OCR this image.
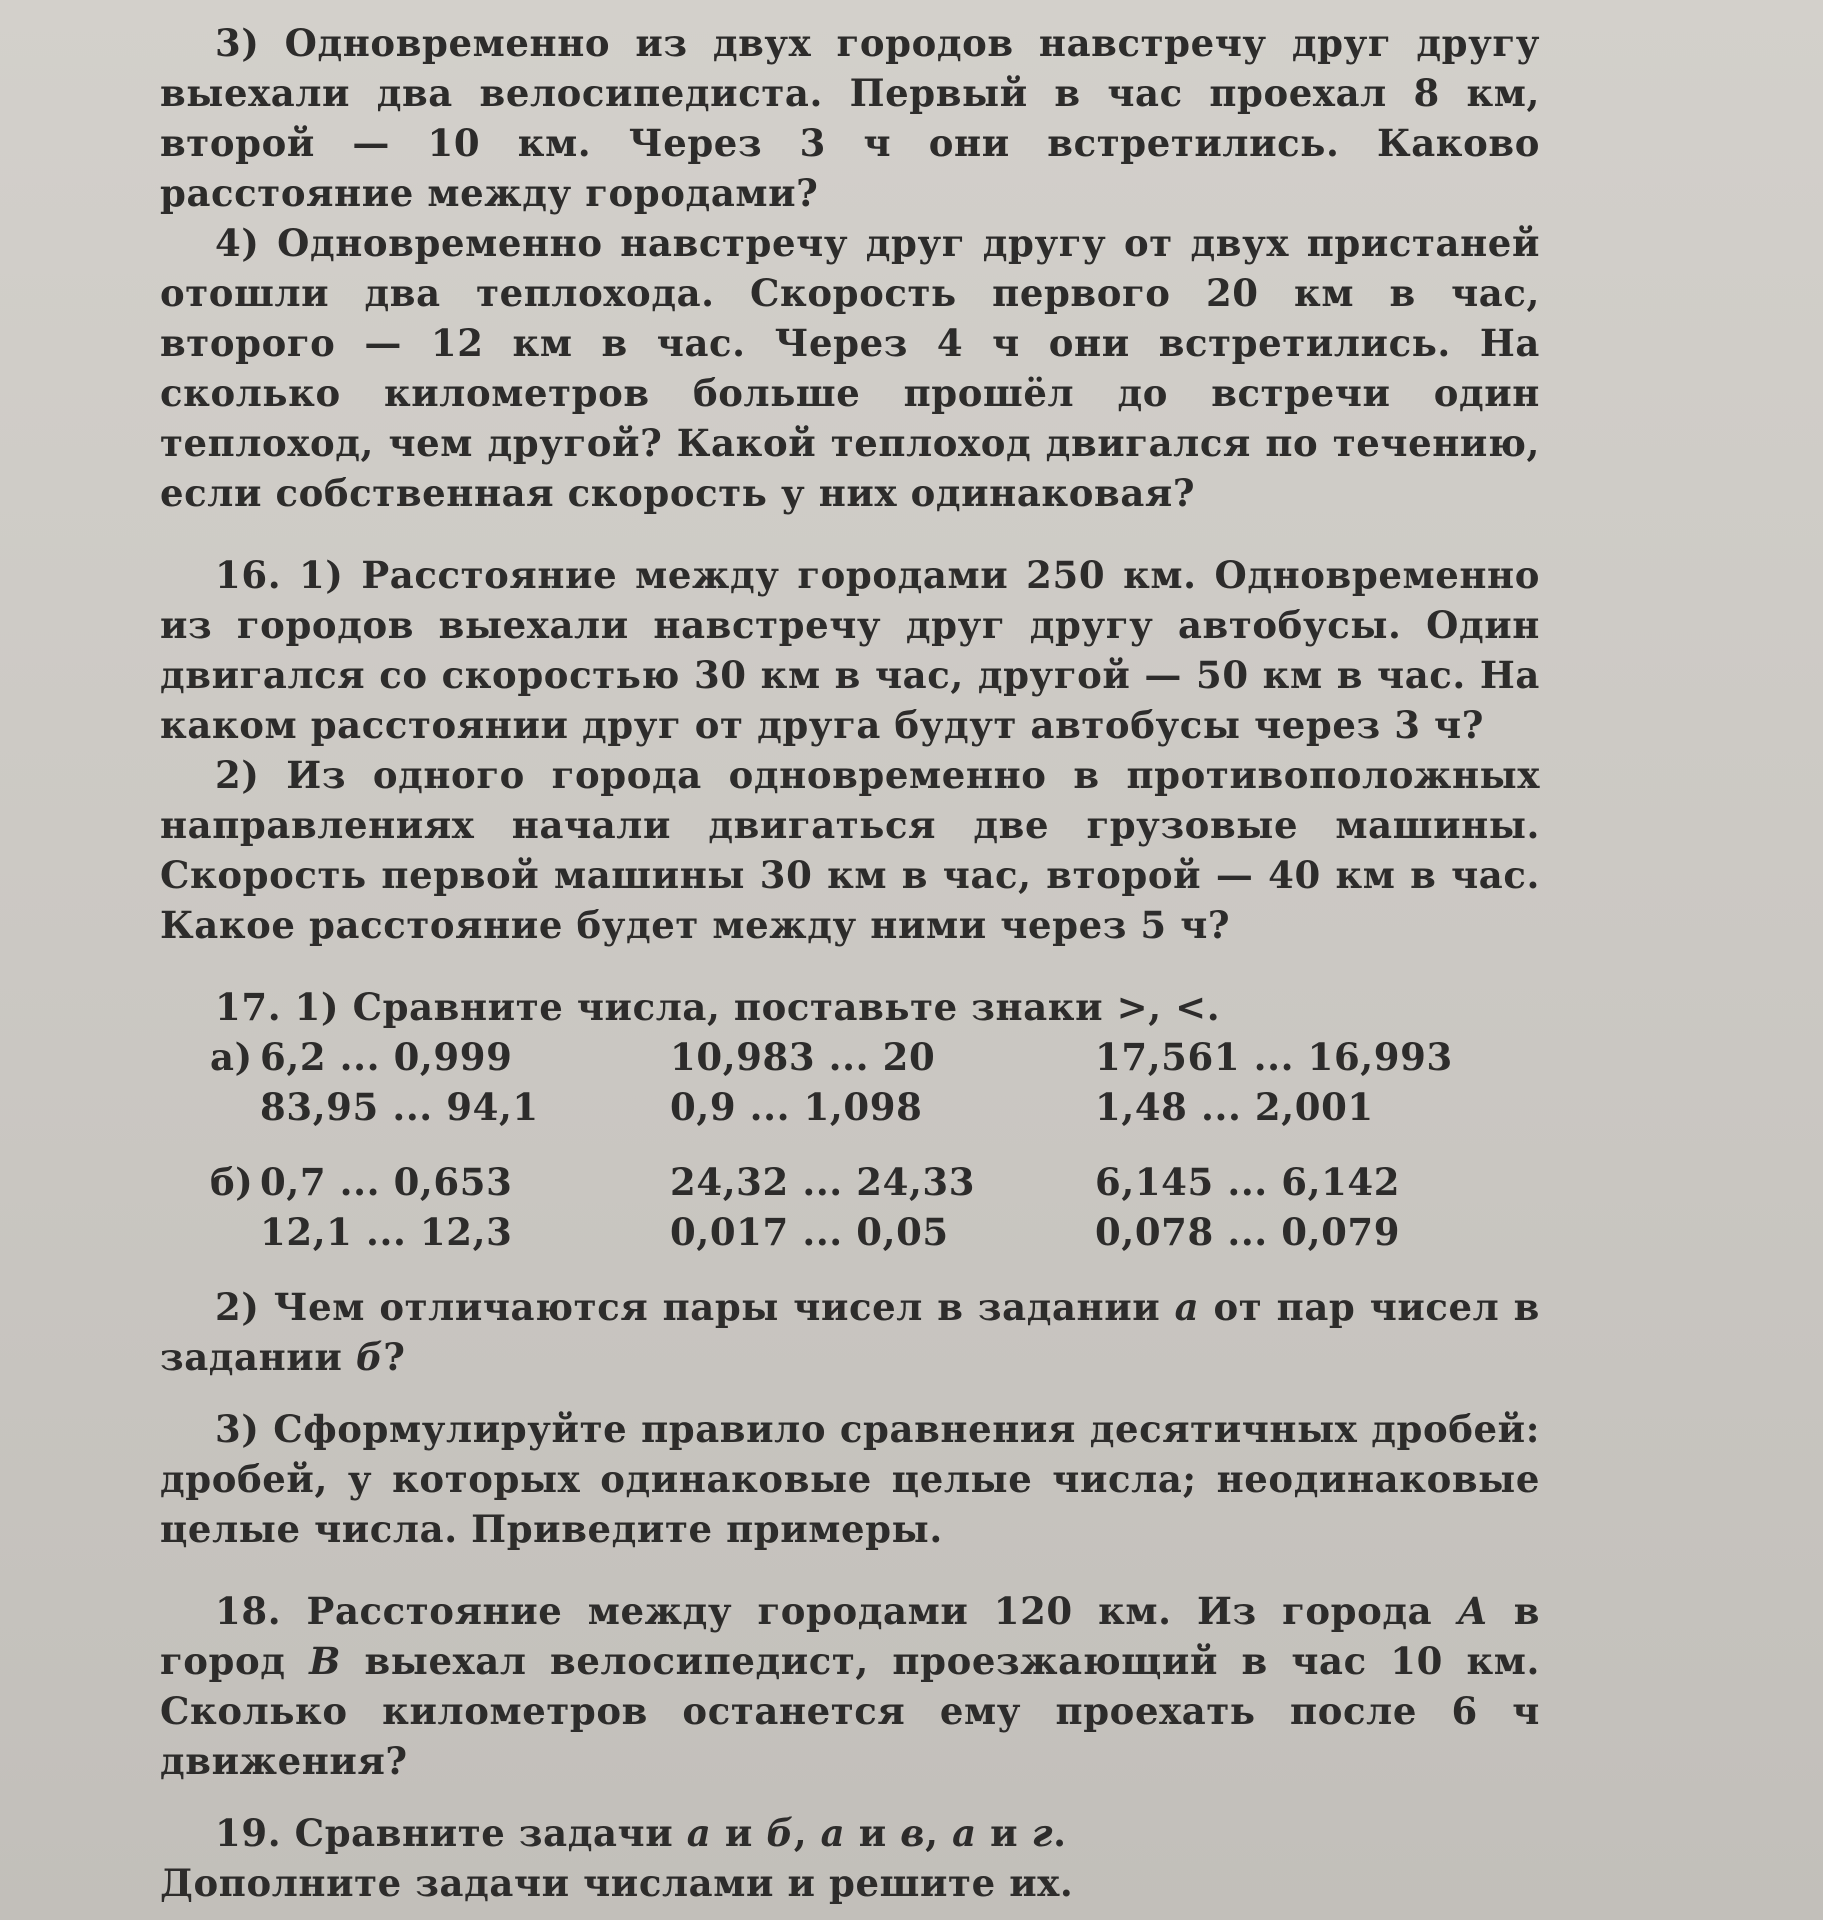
3) Одновременно из двух городов навстречу друг другу выехали два велосипедиста. Первый в час проехал 8 км, второй — 10 км. Через 3 ч они встретились. Каково расстояние между городами?

4) Одновременно навстречу друг другу от двух пристаней отошли два теплохода. Скорость первого 20 км в час, второго — 12 км в час. Через 4 ч они встретились. На сколько километров больше прошёл до встречи один теплоход, чем другой? Какой теплоход двигался по течению, если собственная скорость у них одинаковая?

16. 1) Расстояние между городами 250 км. Одновременно из городов выехали навстречу друг другу автобусы. Один двигался со скоростью 30 км в час, другой — 50 км в час. На каком расстоянии друг от друга будут автобусы через 3 ч?

2) Из одного города одновременно в противоположных направлениях начали двигаться две грузовые машины. Скорость первой машины 30 км в час, второй — 40 км в час. Какое расстояние будет между ними через 5 ч?

17. 1) Сравните числа, поставьте знаки >, <.

а) 6,2 ... 0,999	10,983 ... 20	17,561 ... 16,993
83,95 ... 94,1	0,9 ... 1,098	1,48 ... 2,001
б) 0,7 ... 0,653	24,32 ... 24,33	6,145 ... 6,142
12,1 ... 12,3	0,017 ... 0,05	0,078 ... 0,079

2) Чем отличаются пары чисел в задании а от пар чисел в задании б?

3) Сформулируйте правило сравнения десятичных дробей: дробей, у которых одинаковые целые числа; неодинаковые целые числа. Приведите примеры.

18. Расстояние между городами 120 км. Из города А в город В выехал велосипедист, проезжающий в час 10 км. Сколько километров останется ему проехать после 6 ч движения?

19. Сравните задачи а и б, а и в, а и г.

Дополните задачи числами и решите их.
